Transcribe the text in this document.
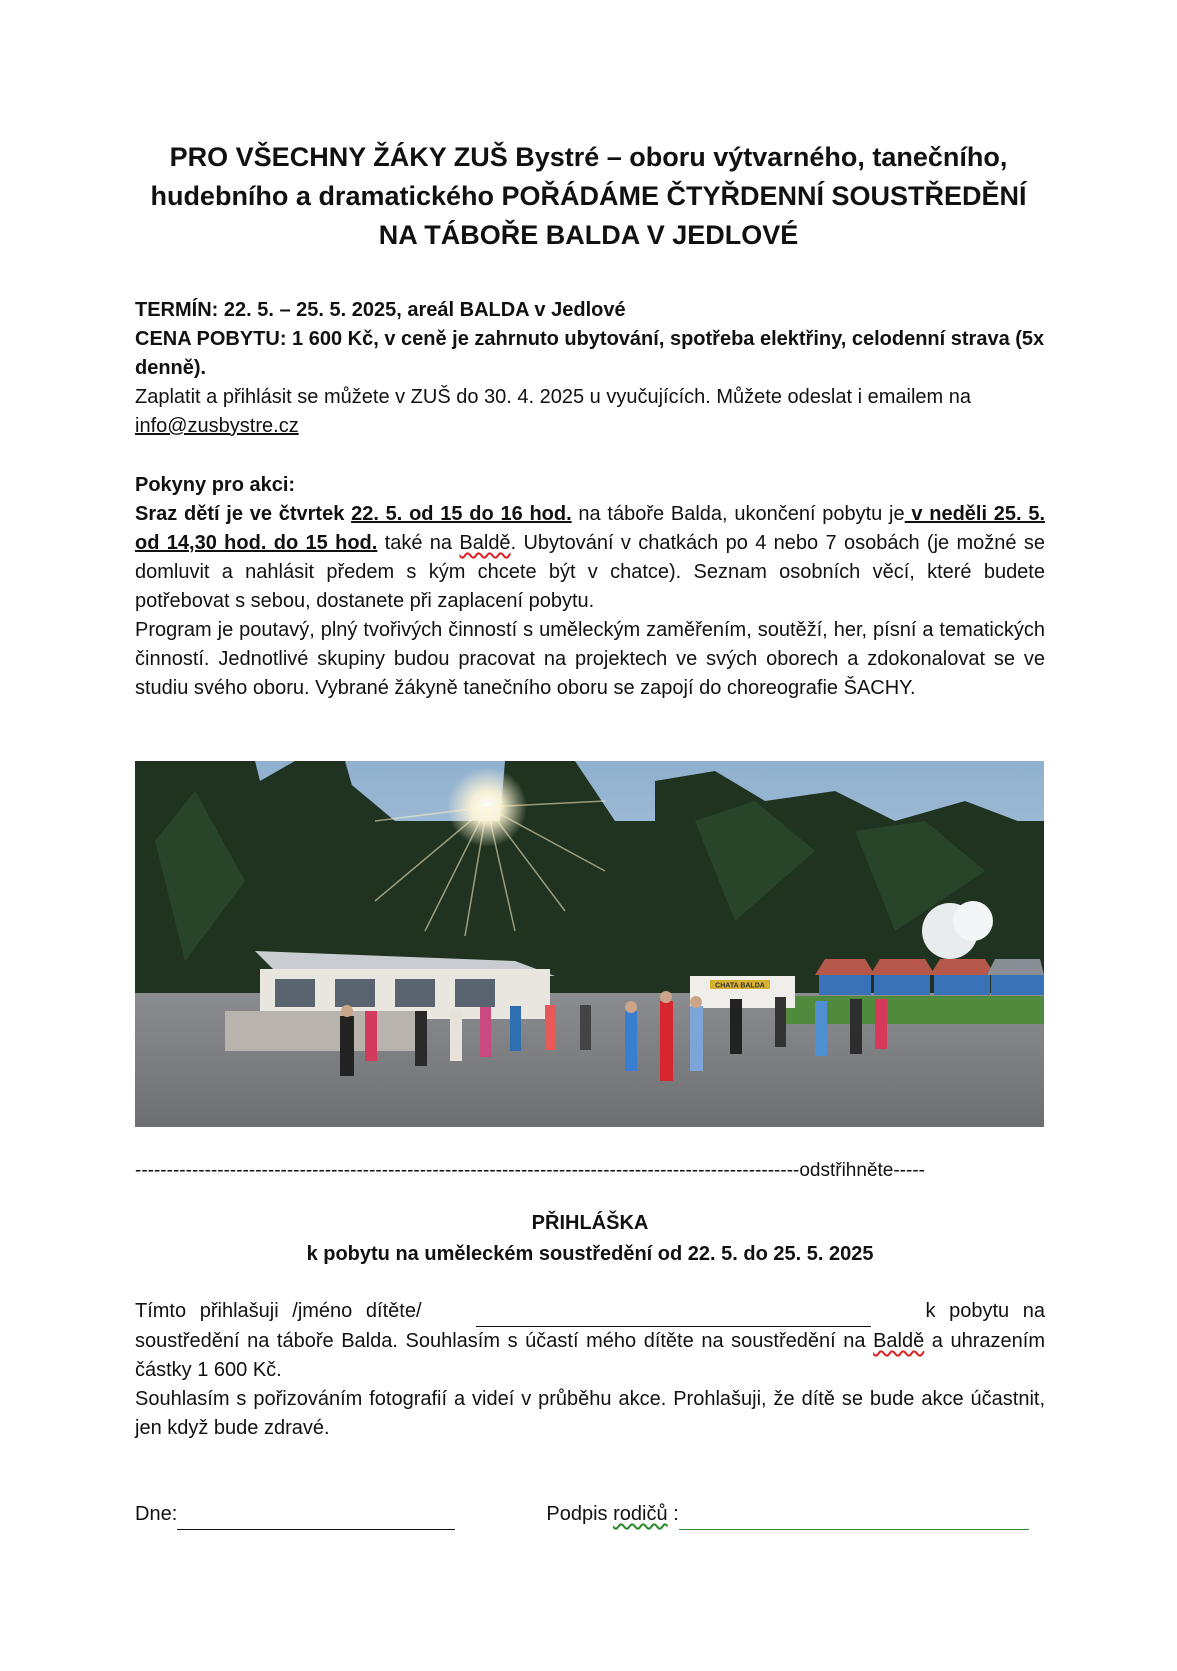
PRO VŠECHNY ŽÁKY ZUŠ Bystré – oboru výtvarného, tanečního,
hudebního a dramatického POŘÁDÁME ČTYŘDENNÍ SOUSTŘEDĚNÍ
NA TÁBOŘE BALDA V JEDLOVÉ
TERMÍN: 22. 5. – 25. 5. 2025, areál BALDA v Jedlové
CENA POBYTU: 1 600 Kč, v ceně je zahrnuto ubytování, spotřeba elektřiny, celodenní strava (5x denně).
Zaplatit a přihlásit se můžete v ZUŠ do 30. 4. 2025 u vyučujících. Můžete odeslat i emailem na info@zusbystre.cz
Pokyny pro akci:
Sraz dětí je ve čtvrtek 22. 5. od 15 do 16 hod. na táboře Balda, ukončení pobytu je v neděli 25. 5. od 14,30 hod. do 15 hod. také na Baldě. Ubytování v chatkách po 4 nebo 7 osobách (je možné se domluvit a nahlásit předem s kým chcete být v chatce). Seznam osobních věcí, které budete potřebovat s sebou, dostanete při zaplacení pobytu.
Program je poutavý, plný tvořivých činností s uměleckým zaměřením, soutěží, her, písní a tematických činností. Jednotlivé skupiny budou pracovat na projektech ve svých oborech a zdokonalovat se ve studiu svého oboru. Vybrané žákyně tanečního oboru se zapojí do choreografie ŠACHY.
CHATA BALDA
---------------------------------------------------------------------------------------------------------odstřihněte-----
PŘIHLÁŠKA
k pobytu na uměleckém soustředění od 22. 5. do 25. 5. 2025
Tímto přihlašuji /jméno dítěte/	k pobytu na soustředění na táboře Balda. Souhlasím s účastí mého dítěte na soustředění na Baldě a uhrazením částky 1 600 Kč.
Souhlasím s pořizováním fotografií a videí v průběhu akce. Prohlašuji, že dítě se bude akce účastnit, jen když bude zdravé.
Dne:	Podpis rodičů :
